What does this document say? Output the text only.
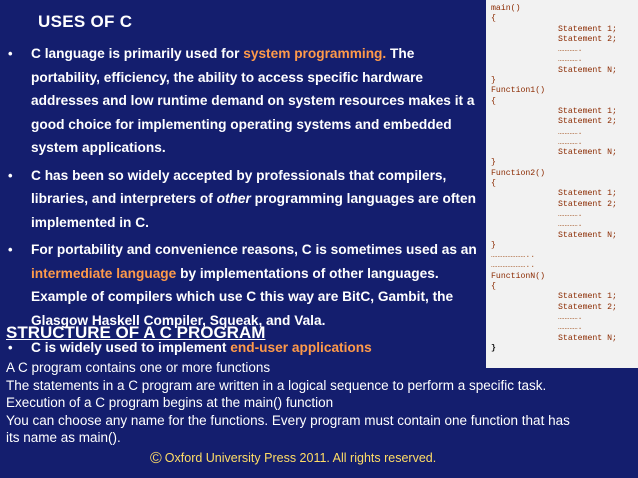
USES OF C
• C language is primarily used for system programming. The portability, efficiency, the ability to access specific hardware addresses and low runtime demand on system resources makes it a good choice for implementing operating systems and embedded system applications.
• C has been so widely accepted by professionals that compilers, libraries, and interpreters of other programming languages are often implemented in C.
• For portability and convenience reasons, C is sometimes used as an intermediate language by implementations of other languages. Example of compilers which use C this way are BitC, Gambit, the Glasgow Haskell Compiler, Squeak, and Vala.
• C is widely used to implement end-user applications
STRUCTURE OF A C PROGRAM
A C program contains one or more functions
The statements in a C program are written in a logical sequence to perform a specific task.
Execution of a C program begins at the main() function
You can choose any name for the functions. Every program must contain one function that has
its name as main().
© Oxford University Press 2011. All rights reserved.
main()
{
Statement 1;
Statement 2;
………….
………….
Statement N;
}
Function1()
{
Statement 1;
Statement 2;
………….
………….
Statement N;
}
Function2()
{
Statement 1;
Statement 2;
………….
………….
Statement N;
}
…………………..
…………………..
FunctionN()
{
Statement 1;
Statement 2;
………….
………….
Statement N;
}
